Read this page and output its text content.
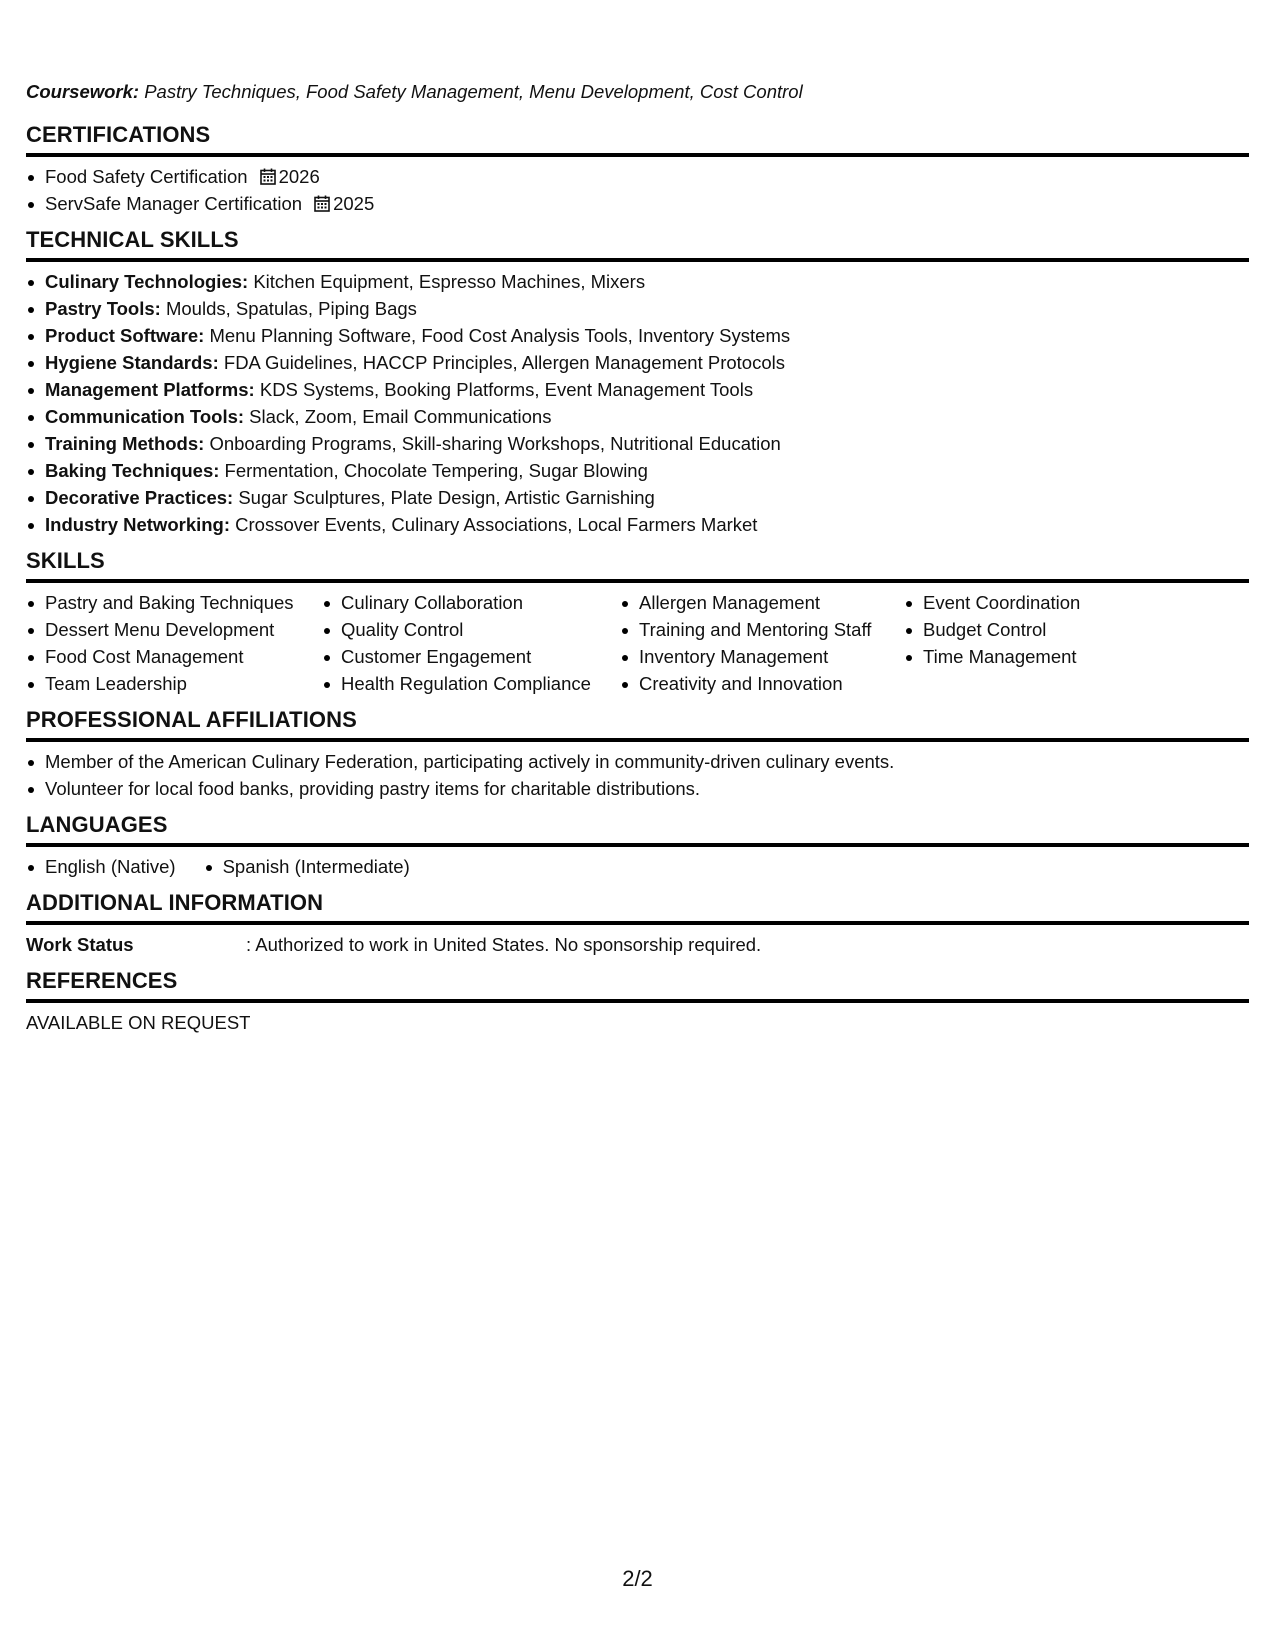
Coursework: Pastry Techniques, Food Safety Management, Menu Development, Cost Control

CERTIFICATIONS
Food Safety Certification 2026
ServSafe Manager Certification 2025
TECHNICAL SKILLS
Culinary Technologies: Kitchen Equipment, Espresso Machines, Mixers
Pastry Tools: Moulds, Spatulas, Piping Bags
Product Software: Menu Planning Software, Food Cost Analysis Tools, Inventory Systems
Hygiene Standards: FDA Guidelines, HACCP Principles, Allergen Management Protocols
Management Platforms: KDS Systems, Booking Platforms, Event Management Tools
Communication Tools: Slack, Zoom, Email Communications
Training Methods: Onboarding Programs, Skill-sharing Workshops, Nutritional Education
Baking Techniques: Fermentation, Chocolate Tempering, Sugar Blowing
Decorative Practices: Sugar Sculptures, Plate Design, Artistic Garnishing
Industry Networking: Crossover Events, Culinary Associations, Local Farmers Market
SKILLS
Pastry and Baking Techniques
Dessert Menu Development
Food Cost Management
Team Leadership
Culinary Collaboration
Quality Control
Customer Engagement
Health Regulation Compliance
Allergen Management
Training and Mentoring Staff
Inventory Management
Creativity and Innovation
Event Coordination
Budget Control
Time Management
PROFESSIONAL AFFILIATIONS
Member of the American Culinary Federation, participating actively in community-driven culinary events.
Volunteer for local food banks, providing pastry items for charitable distributions.
LANGUAGES
English (Native)	Spanish (Intermediate)
ADDITIONAL INFORMATION
Work Status	: Authorized to work in United States. No sponsorship required.
REFERENCES
AVAILABLE ON REQUEST
2/2
